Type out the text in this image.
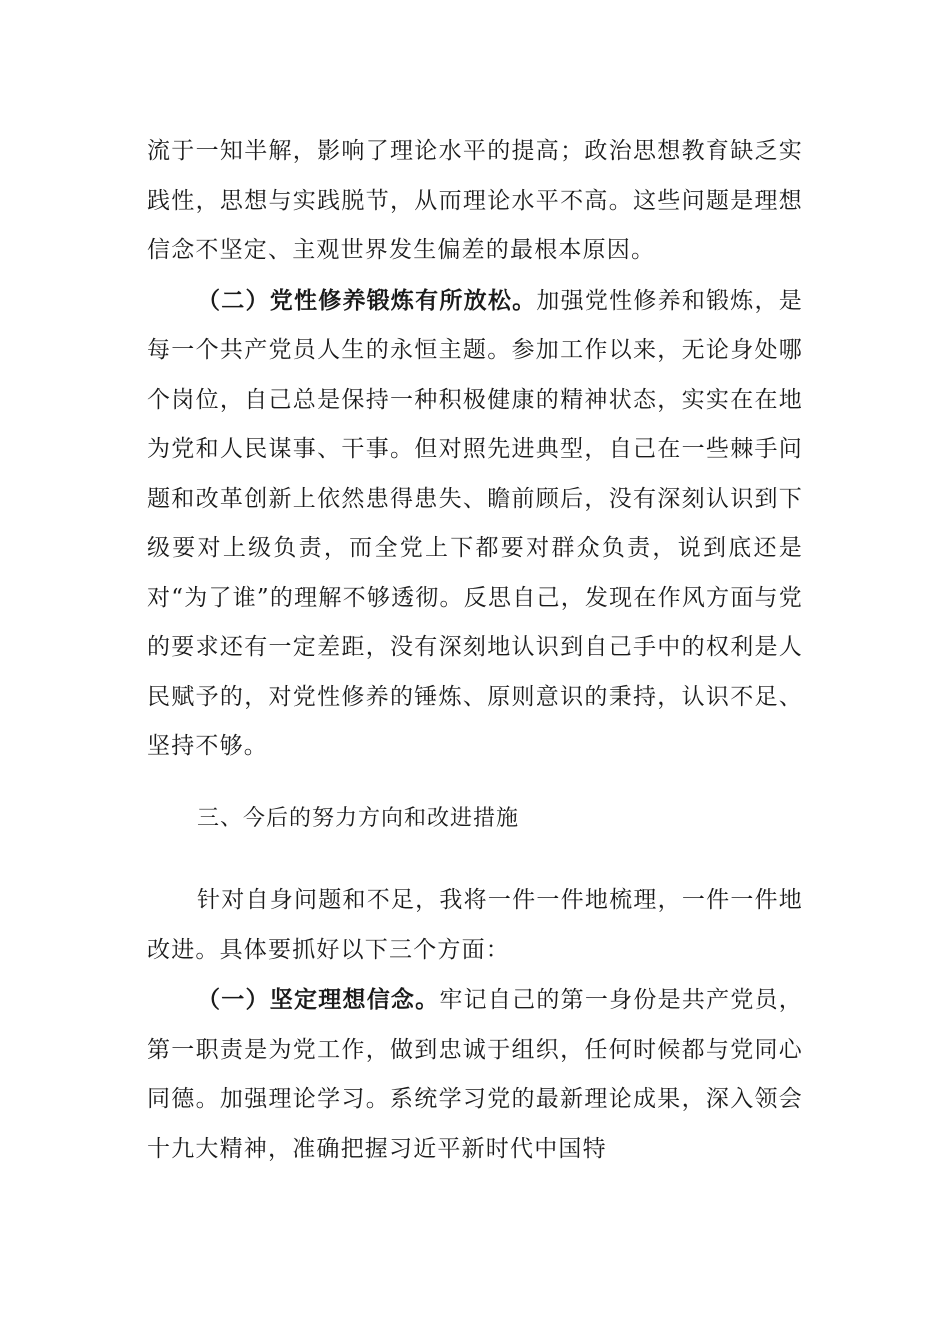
流于一知半解，影响了理论水平的提高；政治思想教育缺乏实践性，思想与实践脱节，从而理论水平不高。这些问题是理想信念不坚定、主观世界发生偏差的最根本原因。

（二）党性修养锻炼有所放松。加强党性修养和锻炼，是每一个共产党员人生的永恒主题。参加工作以来，无论身处哪个岗位，自己总是保持一种积极健康的精神状态，实实在在地为党和人民谋事、干事。但对照先进典型，自己在一些棘手问题和改革创新上依然患得患失、瞻前顾后，没有深刻认识到下级要对上级负责，而全党上下都要对群众负责，说到底还是对“为了谁”的理解不够透彻。反思自己，发现在作风方面与党的要求还有一定差距，没有深刻地认识到自己手中的权利是人民赋予的，对党性修养的锤炼、原则意识的秉持，认识不足、坚持不够。

三、今后的努力方向和改进措施

针对自身问题和不足，我将一件一件地梳理，一件一件地改进。具体要抓好以下三个方面：

（一）坚定理想信念。牢记自己的第一身份是共产党员，第一职责是为党工作，做到忠诚于组织，任何时候都与党同心同德。加强理论学习。系统学习党的最新理论成果，深入领会十九大精神，准确把握习近平新时代中国特
